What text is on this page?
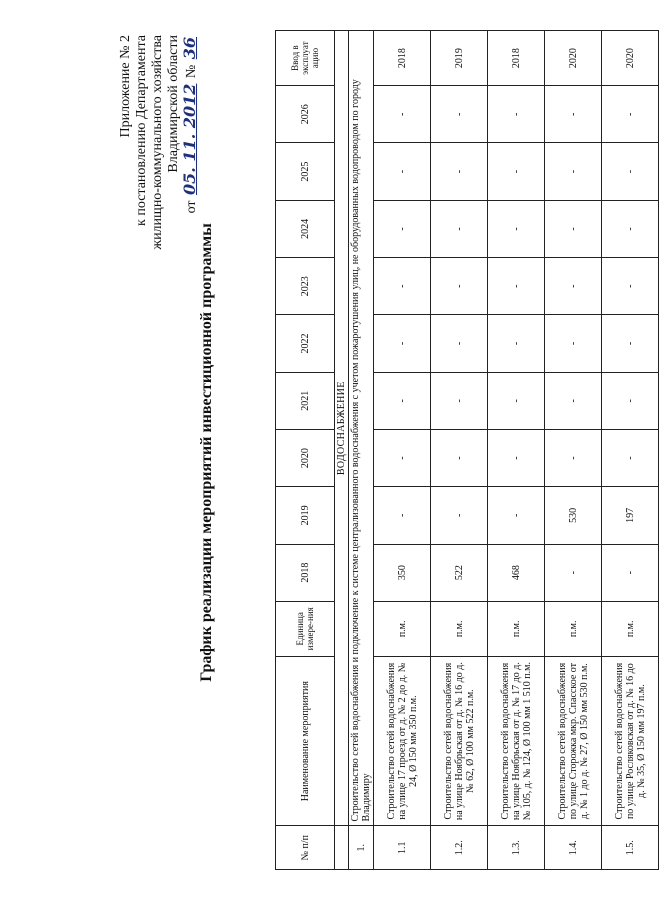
Приложение № 2 к постановлению Департамента жилищно-коммунального хозяйства Владимирской области
от 05. 11. 2012 № 36
График реализации мероприятий инвестиционной программы
№ п/п	Наименование мероприятия	Единица измере-ния	2018	2019	2020	2021	2022	2023	2024	2025	2026	Ввод в эксплуат ацию
	ВОДОСНАБЖЕНИЕ											
1.	Строительство сетей водоснабжения и подключение к системе централизованного водоснабжения с учетом пожаротушения улиц, не оборудованных водопроводом по городу Владимиру											
1.1	Строительство сетей водоснабжения на улице 17 проезд от д. № 2 до д. № 24, Ø 150 мм 350 п.м.	п.м.	350	-	-	-	-	-	-	-	-	2018
1.2.	Строительство сетей водоснабжения на улице Ноябрьская от д. № 16 до д. № 62, Ø 100 мм 522 п.м.	п.м.	522	-	-	-	-	-	-	-	-	2019
1.3.	Строительство сетей водоснабжения на улице Ноябрьская от д. № 17 до д. № 105, д. № 124, Ø 100 мм 1 510 п.м.	п.м.	468	-	-	-	-	-	-	-	-	2018
1.4.	Строительство сетей водоснабжения по улице Сторожка мкр. Спасское от д. № 1 до д. № 27, Ø 150 мм 530 п.м.	п.м.	-	530	-	-	-	-	-	-	-	2020
1.5.	Строительство сетей водоснабжения по улице Росляковская от д. № 16 до д. № 35, Ø 150 мм 197 п.м.	п.м.	-	197	-	-	-	-	-	-	-	2020
